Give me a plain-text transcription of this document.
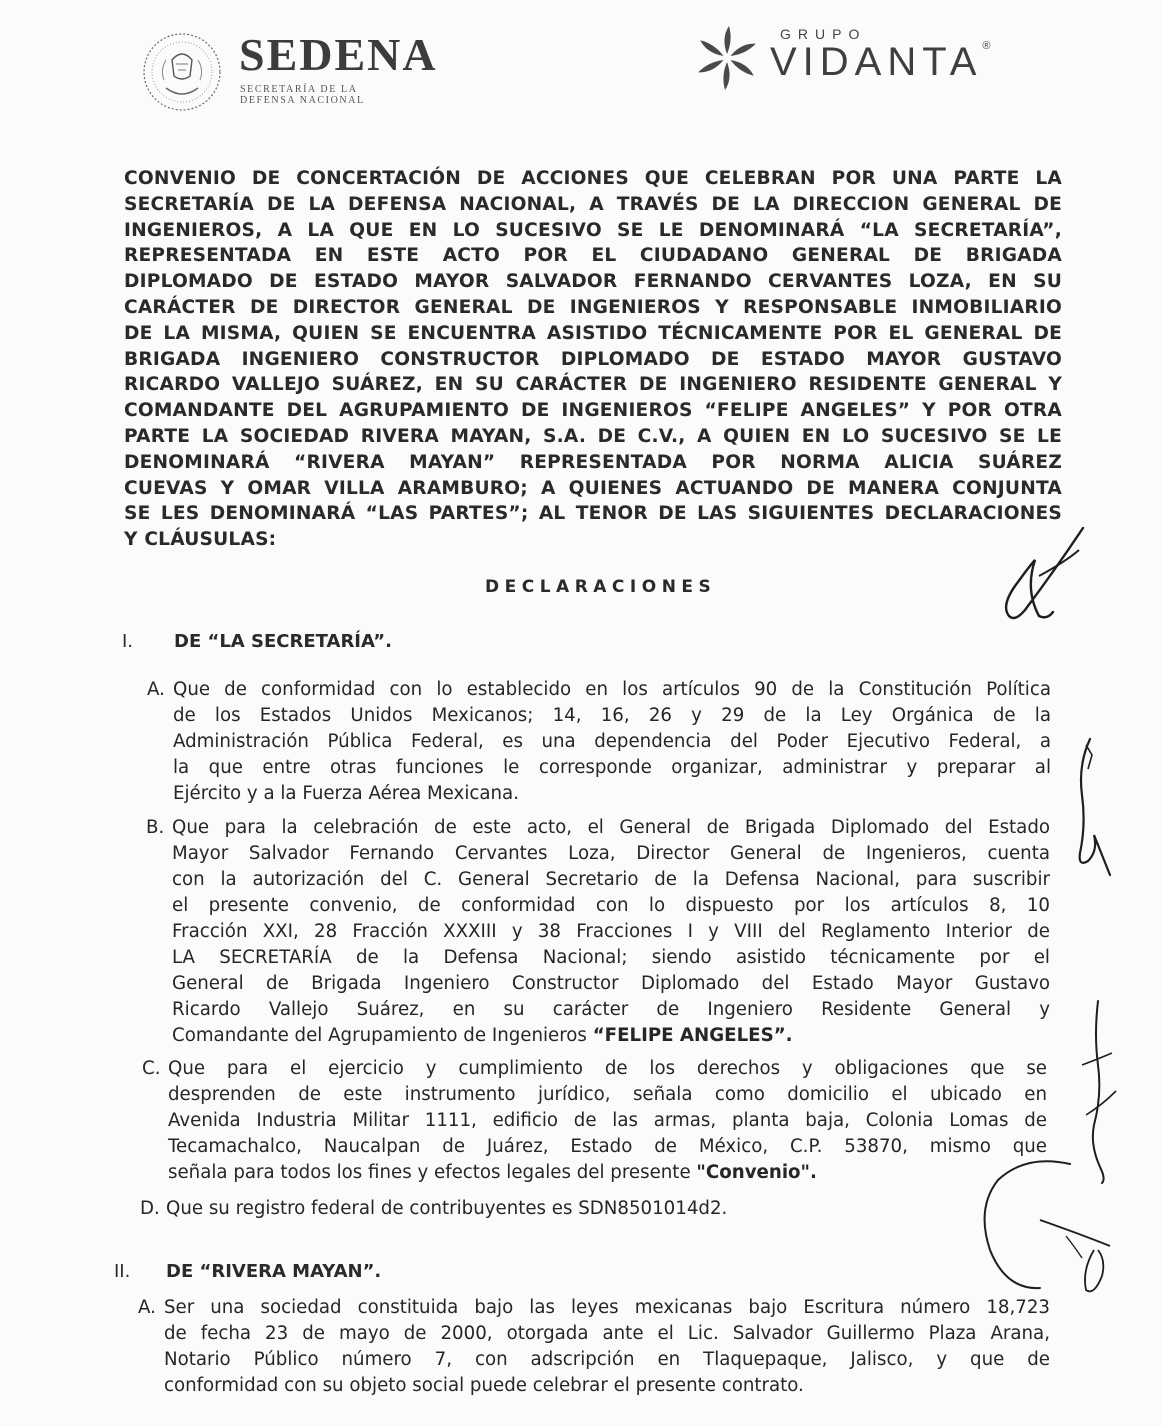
SEDENA
SECRETARÍA DE LA
DEFENSA NACIONAL
GRUPO
VIDANTA®
CONVENIO DE CONCERTACIÓN DE ACCIONES QUE CELEBRAN POR UNA PARTE LA
SECRETARÍA DE LA DEFENSA NACIONAL, A TRAVÉS DE LA DIRECCION GENERAL DE
INGENIEROS, A LA QUE EN LO SUCESIVO SE LE DENOMINARÁ “LA SECRETARÍA”,
REPRESENTADA EN ESTE ACTO POR EL CIUDADANO GENERAL DE BRIGADA
DIPLOMADO DE ESTADO MAYOR SALVADOR FERNANDO CERVANTES LOZA, EN SU
CARÁCTER DE DIRECTOR GENERAL DE INGENIEROS Y RESPONSABLE INMOBILIARIO
DE LA MISMA, QUIEN SE ENCUENTRA ASISTIDO TÉCNICAMENTE POR EL GENERAL DE
BRIGADA INGENIERO CONSTRUCTOR DIPLOMADO DE ESTADO MAYOR GUSTAVO
RICARDO VALLEJO SUÁREZ, EN SU CARÁCTER DE INGENIERO RESIDENTE GENERAL Y
COMANDANTE DEL AGRUPAMIENTO DE INGENIEROS “FELIPE ANGELES” Y POR OTRA
PARTE LA SOCIEDAD RIVERA MAYAN, S.A. DE C.V., A QUIEN EN LO SUCESIVO SE LE
DENOMINARÁ “RIVERA MAYAN” REPRESENTADA POR NORMA ALICIA SUÁREZ
CUEVAS Y OMAR VILLA ARAMBURO; A QUIENES ACTUANDO DE MANERA CONJUNTA
SE LES DENOMINARÁ “LAS PARTES”; AL TENOR DE LAS SIGUIENTES DECLARACIONES
Y CLÁUSULAS:
DECLARACIONES
I. DE “LA SECRETARÍA”.
A. Que de conformidad con lo establecido en los artículos 90 de la Constitución Política
de los Estados Unidos Mexicanos; 14, 16, 26 y 29 de la Ley Orgánica de la
Administración Pública Federal, es una dependencia del Poder Ejecutivo Federal, a
la que entre otras funciones le corresponde organizar, administrar y preparar al
Ejército y a la Fuerza Aérea Mexicana.
B. Que para la celebración de este acto, el General de Brigada Diplomado del Estado
Mayor Salvador Fernando Cervantes Loza, Director General de Ingenieros, cuenta
con la autorización del C. General Secretario de la Defensa Nacional, para suscribir
el presente convenio, de conformidad con lo dispuesto por los artículos 8, 10
Fracción XXI, 28 Fracción XXXIII y 38 Fracciones I y VIII del Reglamento Interior de
LA SECRETARÍA de la Defensa Nacional; siendo asistido técnicamente por el
General de Brigada Ingeniero Constructor Diplomado del Estado Mayor Gustavo
Ricardo Vallejo Suárez, en su carácter de Ingeniero Residente General y
Comandante del Agrupamiento de Ingenieros “FELIPE ANGELES”.
C. Que para el ejercicio y cumplimiento de los derechos y obligaciones que se
desprenden de este instrumento jurídico, señala como domicilio el ubicado en
Avenida Industria Militar 1111, edificio de las armas, planta baja, Colonia Lomas de
Tecamachalco, Naucalpan de Juárez, Estado de México, C.P. 53870, mismo que
señala para todos los fines y efectos legales del presente "Convenio".
D. Que su registro federal de contribuyentes es SDN8501014d2.
II. DE “RIVERA MAYAN”.
A. Ser una sociedad constituida bajo las leyes mexicanas bajo Escritura número 18,723
de fecha 23 de mayo de 2000, otorgada ante el Lic. Salvador Guillermo Plaza Arana,
Notario Público número 7, con adscripción en Tlaquepaque, Jalisco, y que de
conformidad con su objeto social puede celebrar el presente contrato.
